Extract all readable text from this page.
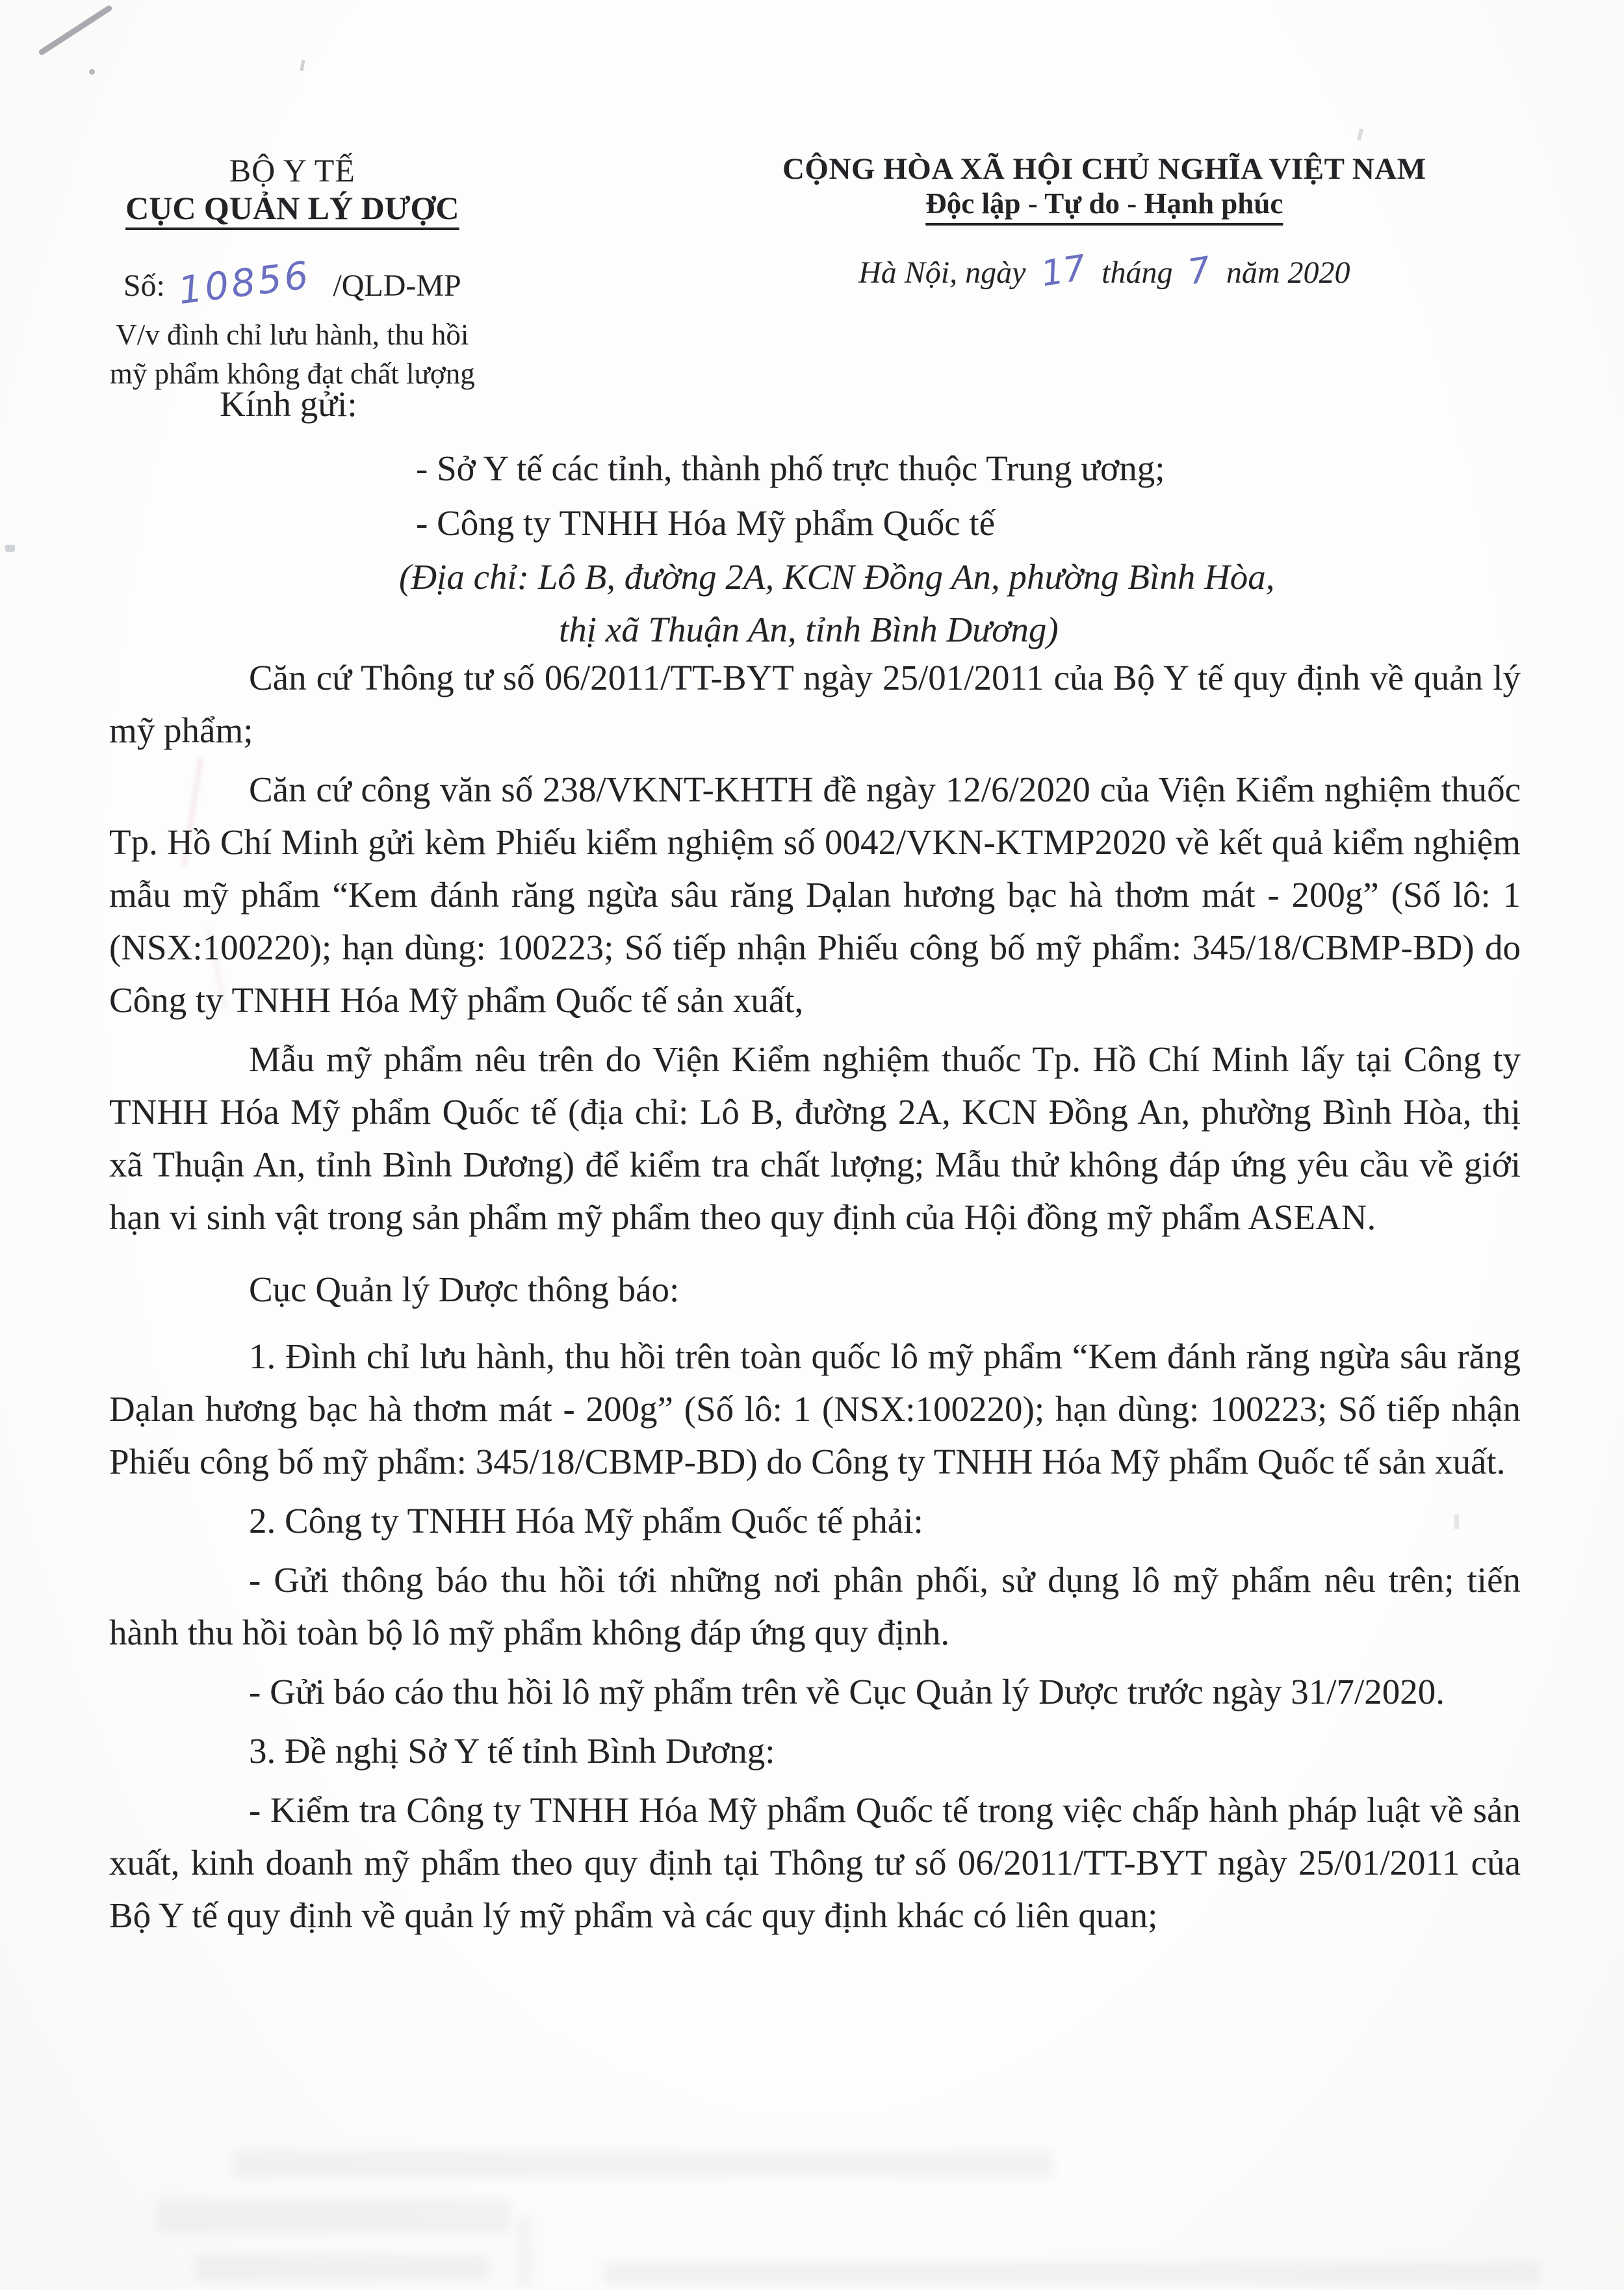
BỘ Y TẾ
CỤC QUẢN LÝ DƯỢC
Số: 10856 /QLD-MP
V/v đình chỉ lưu hành, thu hồi
mỹ phẩm không đạt chất lượng
CỘNG HÒA XÃ HỘI CHỦ NGHĨA VIỆT NAM
Độc lập - Tự do - Hạnh phúc
Hà Nội, ngày 17 tháng 7 năm 2020
Kính gửi:
- Sở Y tế các tỉnh, thành phố trực thuộc Trung ương;
- Công ty TNHH Hóa Mỹ phẩm Quốc tế
(Địa chỉ: Lô B, đường 2A, KCN Đồng An, phường Bình Hòa,
thị xã Thuận An, tỉnh Bình Dương)

Căn cứ Thông tư số 06/2011/TT-BYT ngày 25/01/2011 của Bộ Y tế quy định về quản lý mỹ phẩm;

Căn cứ công văn số 238/VKNT-KHTH đề ngày 12/6/2020 của Viện Kiểm nghiệm thuốc Tp. Hồ Chí Minh gửi kèm Phiếu kiểm nghiệm số 0042/VKN-KTMP2020 về kết quả kiểm nghiệm mẫu mỹ phẩm “Kem đánh răng ngừa sâu răng Dạlan hương bạc hà thơm mát - 200g” (Số lô: 1 (NSX:100220); hạn dùng: 100223; Số tiếp nhận Phiếu công bố mỹ phẩm: 345/18/CBMP-BD) do Công ty TNHH Hóa Mỹ phẩm Quốc tế sản xuất,

Mẫu mỹ phẩm nêu trên do Viện Kiểm nghiệm thuốc Tp. Hồ Chí Minh lấy tại Công ty TNHH Hóa Mỹ phẩm Quốc tế (địa chỉ: Lô B, đường 2A, KCN Đồng An, phường Bình Hòa, thị xã Thuận An, tỉnh Bình Dương) để kiểm tra chất lượng; Mẫu thử không đáp ứng yêu cầu về giới hạn vi sinh vật trong sản phẩm mỹ phẩm theo quy định của Hội đồng mỹ phẩm ASEAN.

Cục Quản lý Dược thông báo:

1. Đình chỉ lưu hành, thu hồi trên toàn quốc lô mỹ phẩm “Kem đánh răng ngừa sâu răng Dạlan hương bạc hà thơm mát - 200g” (Số lô: 1 (NSX:100220); hạn dùng: 100223; Số tiếp nhận Phiếu công bố mỹ phẩm: 345/18/CBMP-BD) do Công ty TNHH Hóa Mỹ phẩm Quốc tế sản xuất.

2. Công ty TNHH Hóa Mỹ phẩm Quốc tế phải:

- Gửi thông báo thu hồi tới những nơi phân phối, sử dụng lô mỹ phẩm nêu trên; tiến hành thu hồi toàn bộ lô mỹ phẩm không đáp ứng quy định.

- Gửi báo cáo thu hồi lô mỹ phẩm trên về Cục Quản lý Dược trước ngày 31/7/2020.

3. Đề nghị Sở Y tế tỉnh Bình Dương:

- Kiểm tra Công ty TNHH Hóa Mỹ phẩm Quốc tế trong việc chấp hành pháp luật về sản xuất, kinh doanh mỹ phẩm theo quy định tại Thông tư số 06/2011/TT-BYT ngày 25/01/2011 của Bộ Y tế quy định về quản lý mỹ phẩm và các quy định khác có liên quan;
